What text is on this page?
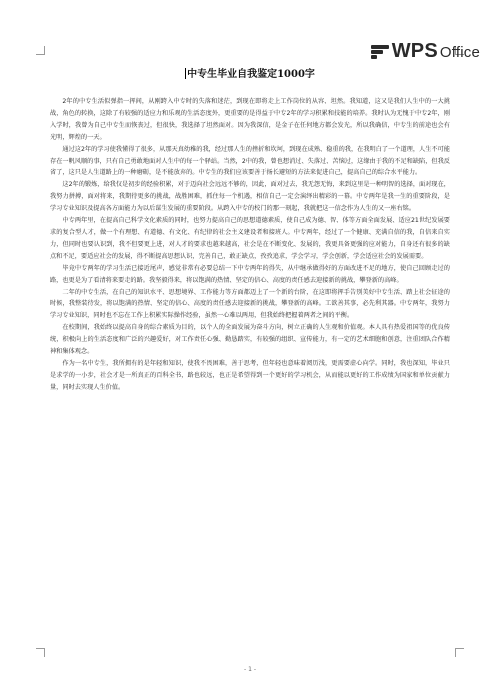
WPS Office
中专生毕业自我鉴定1000字

2年的中专生活似弹指一挥间，从刚跨入中专时的失落和迷茫，到现在即将走上工作岗位的从容、坦然。我知道，这又是我们人生中的一大挑战，角色的转换，这除了有较强的适应力和乐观的生活态度外，更重要的是得益于中专2年的学习积累和技能的培养。我时认为无愧于中专2年，刚入学时，我曾为自己中专生而恢丧过，但很快，我选择了坦然面对。因为我深信，是金子在任何地方都会发光，所以我确信，中专生的前途也会有光明，辉煌的一天。

通过这2年的学习使我懂得了很多，从那天真幼稚的我，经过那人生的挫折和坎坷，到现在成熟、稳重的我，在我明白了一个道理，人生不可能存在一帆风顺的事，只有自己勇敢地面对人生中的每一个驿站。当然，2中的我，曾也想消过、失落过、苦恼过，这缘由于我的不足和缺陷，但我反省了，这只是人生道路上的一种磨砺，是不能放弃的。中专生的我们应该要善于扬长避短的方法来促进自己，提高自己的综合水平能力。

这2年的锻炼，给我仅是初步的经验积累，对于迈向社会远远不够的，因此，面对过去，我无怨无悔，来到这里是一种明智的选择，面对现在，我努力拼搏，面对将来，我期待更多的挑战，战胜困难，抓住每一个机遇，相信自己一定会演绎出精彩的一幕。中专两年是我一生的重要阶段，是学习专业知识及提高各方面能力为以后谋生发展的重要阶段。从跨入中专的校门的那一刻起，我就把这一信念作为人生的又一座右铭。

中专两年里，在提高自己科学文化素质的同时，也努力提高自己的思想道德素质，使自己成为德、智、体等方面全面发展、适应21世纪发展要求的复合型人才，做一个有理想、有道德、有文化、有纪律的社会主义建设者和接班人。中专两年，经过了一个健康、充满自信的我，自信来自实力，但同时也要认识到，我不但要更上进，对人才的要求也越来越高，社会是在不断变化、发展的，我更具备更强的应对能力，自身还有很多的缺点和不足，要适应社会的发展，得不断提高思想认识，完善自己，敢正缺点，孜孜追求，学会学习，学会创新，学会适应社会的发展需要。

毕竟中专两年的学习生活已接近尾声，感觉非常有必要总结一下中专两年的得失，从中继承做得好的方面改进不足的地方，使自己回顾走过的路，也更是为了看清将来要走的路。我坚毅得来，将以饱满的热情、坚定的信心、高度的责任感去迎接新的挑战，攀登新的高峰。

二年的中专生活，在自己的知识水平、思想境界、工作能力等方面都迈上了一个新的台阶，在这即将挥手告别美好中专生活、踏上社会征途的时候，我整装待发，将以饱满的热情、坚定的信心、高度的责任感去迎接新的挑战，攀登新的高峰。工欲善其事，必先利其器。中专两年，我努力学习专业知识，同时也不忘在工作上积累实际操作经验，虽然一心难以两用，但我始终把握着两者之间的平衡。

在校期间，我始终以提高自身的综合素质为目的，以个人的全面发展为奋斗方向，树立正确的人生观和价值观。本人具有热爱祖国等的优良传统，积极向上的生活态度和广泛的兴趣爱好，对工作责任心强、勤恳踏实，有较强的组织、宣传能力，有一定的艺术细胞和创意，注重团队合作精神和集体观念。

作为一名中专生，我所拥有的是年轻和知识，使我不畏困难，善于思考，但年轻也意味着阅历浅，更需要虚心向学。同时，我也深知，毕业只是求学的一小步，社会才是一所真正的百科全书，路也较远，也正是希望得到一个更好的学习机会，从而能以更好的工作成绩为国家和单位贡献力量，同时去实现人生价值。

- 1 -
